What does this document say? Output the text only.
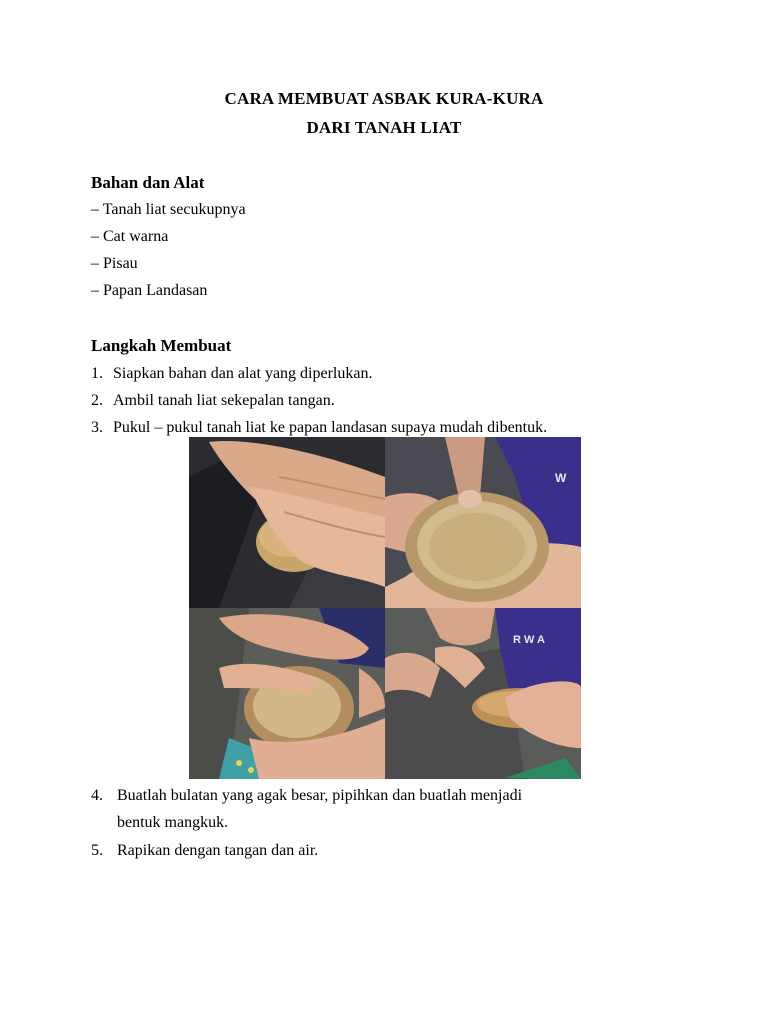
CARA MEMBUAT ASBAK KURA-KURA
DARI TANAH LIAT
Bahan dan Alat
– Tanah liat secukupnya
– Cat warna
– Pisau
– Papan Landasan
Langkah Membuat
1. Siapkan bahan dan alat yang diperlukan.
2. Ambil tanah liat sekepalan tangan.
3. Pukul – pukul tanah liat ke papan landasan supaya mudah dibentuk.
W
R W A
4. Buatlah bulatan yang agak besar, pipihkan dan buatlah menjadi
bentuk mangkuk.
5. Rapikan dengan tangan dan air.
